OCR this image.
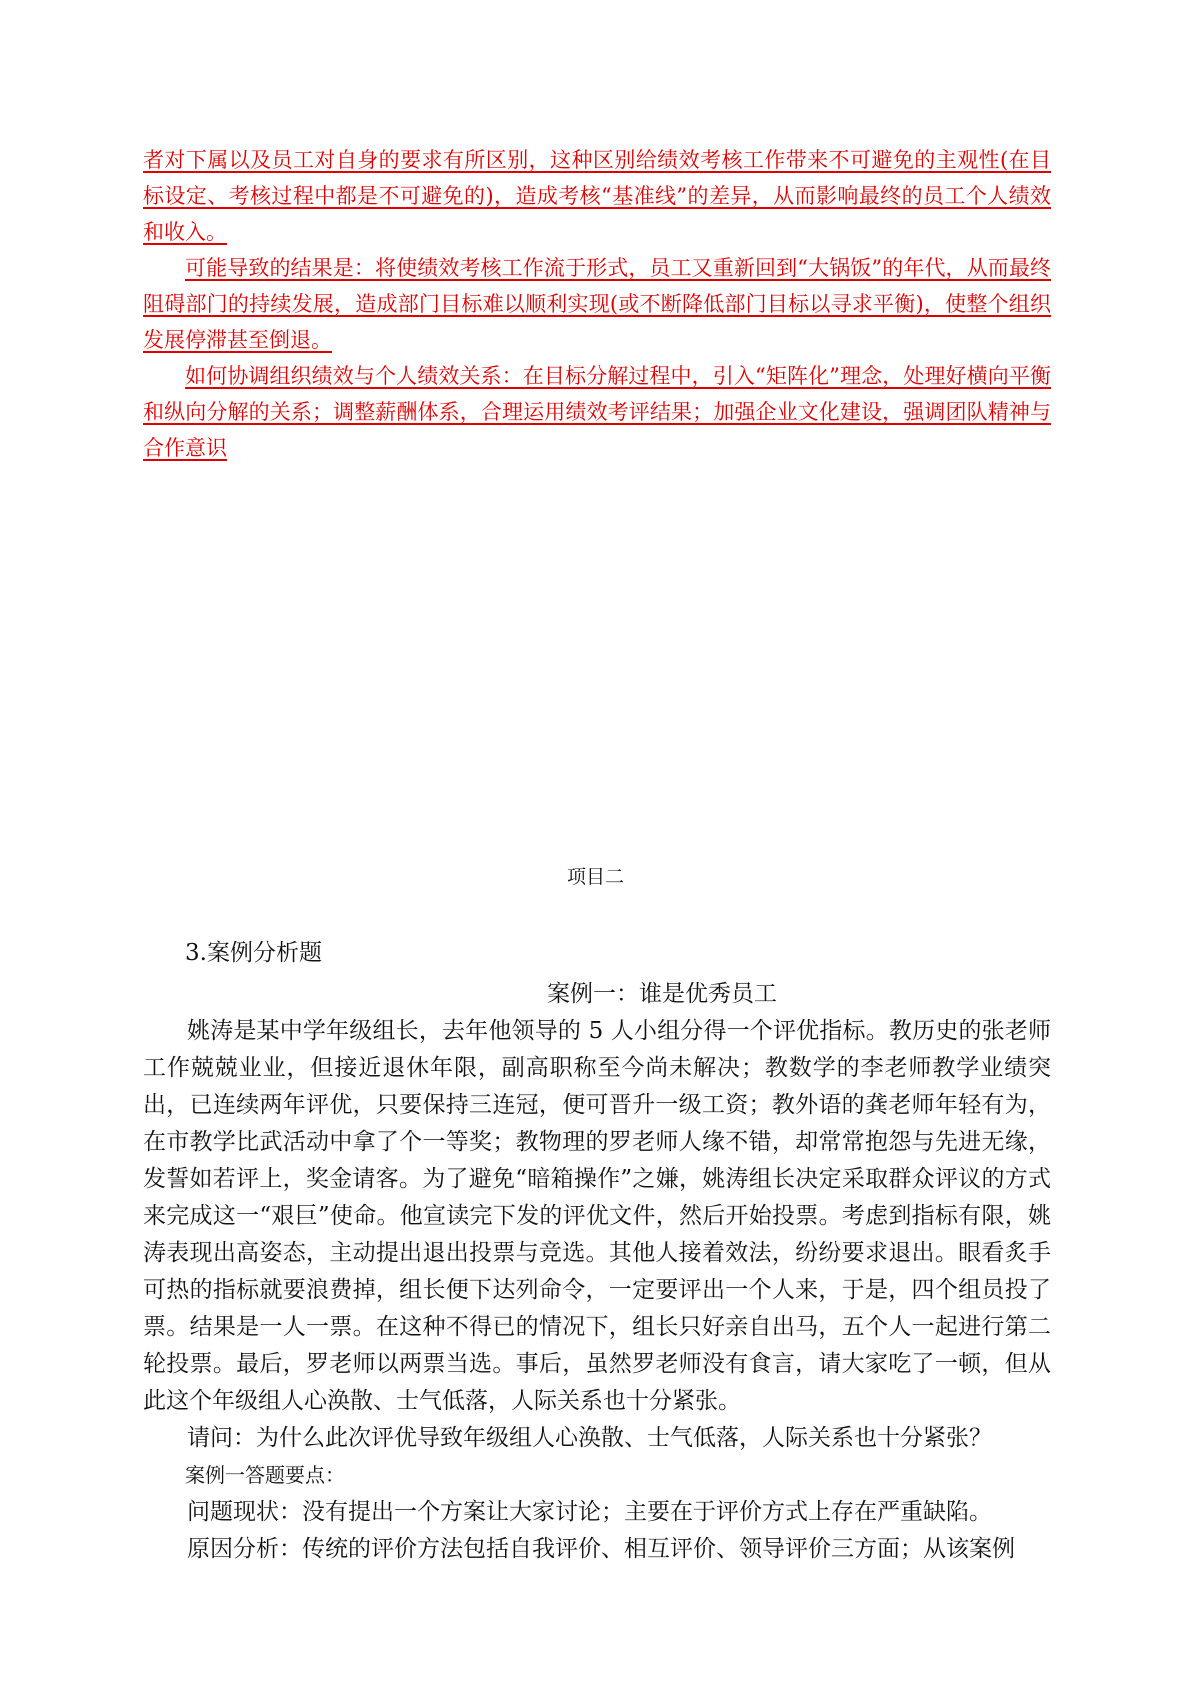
者对下属以及员工对自身的要求有所区别，这种区别给绩效考核工作带来不可避免的主观性(在目标设定、考核过程中都是不可避免的)，造成考核“基准线”的差异，从而影响最终的员工个人绩效和收入。

可能导致的结果是：将使绩效考核工作流于形式，员工又重新回到“大锅饭”的年代，从而最终阻碍部门的持续发展，造成部门目标难以顺利实现(或不断降低部门目标以寻求平衡)，使整个组织发展停滞甚至倒退。

如何协调组织绩效与个人绩效关系：在目标分解过程中，引入“矩阵化”理念，处理好横向平衡和纵向分解的关系；调整薪酬体系，合理运用绩效考评结果；加强企业文化建设，强调团队精神与合作意识

项目二

3.案例分析题

案例一：谁是优秀员工

姚涛是某中学年级组长，去年他领导的 5 人小组分得一个评优指标。教历史的张老师工作兢兢业业，但接近退休年限，副高职称至今尚未解决；教数学的李老师教学业绩突出，已连续两年评优，只要保持三连冠，便可晋升一级工资；教外语的龚老师年轻有为，在市教学比武活动中拿了个一等奖；教物理的罗老师人缘不错，却常常抱怨与先进无缘，发誓如若评上，奖金请客。为了避免“暗箱操作”之嫌，姚涛组长决定采取群众评议的方式来完成这一“艰巨”使命。他宣读完下发的评优文件，然后开始投票。考虑到指标有限，姚涛表现出高姿态，主动提出退出投票与竞选。其他人接着效法，纷纷要求退出。眼看炙手可热的指标就要浪费掉，组长便下达列命令，一定要评出一个人来，于是，四个组员投了票。结果是一人一票。在这种不得已的情况下，组长只好亲自出马，五个人一起进行第二轮投票。最后，罗老师以两票当选。事后，虽然罗老师没有食言，请大家吃了一顿，但从此这个年级组人心涣散、士气低落，人际关系也十分紧张。

请问：为什么此次评优导致年级组人心涣散、士气低落，人际关系也十分紧张？

案例一答题要点：

问题现状：没有提出一个方案让大家讨论；主要在于评价方式上存在严重缺陷。

原因分析：传统的评价方法包括自我评价、相互评价、领导评价三方面；从该案例
